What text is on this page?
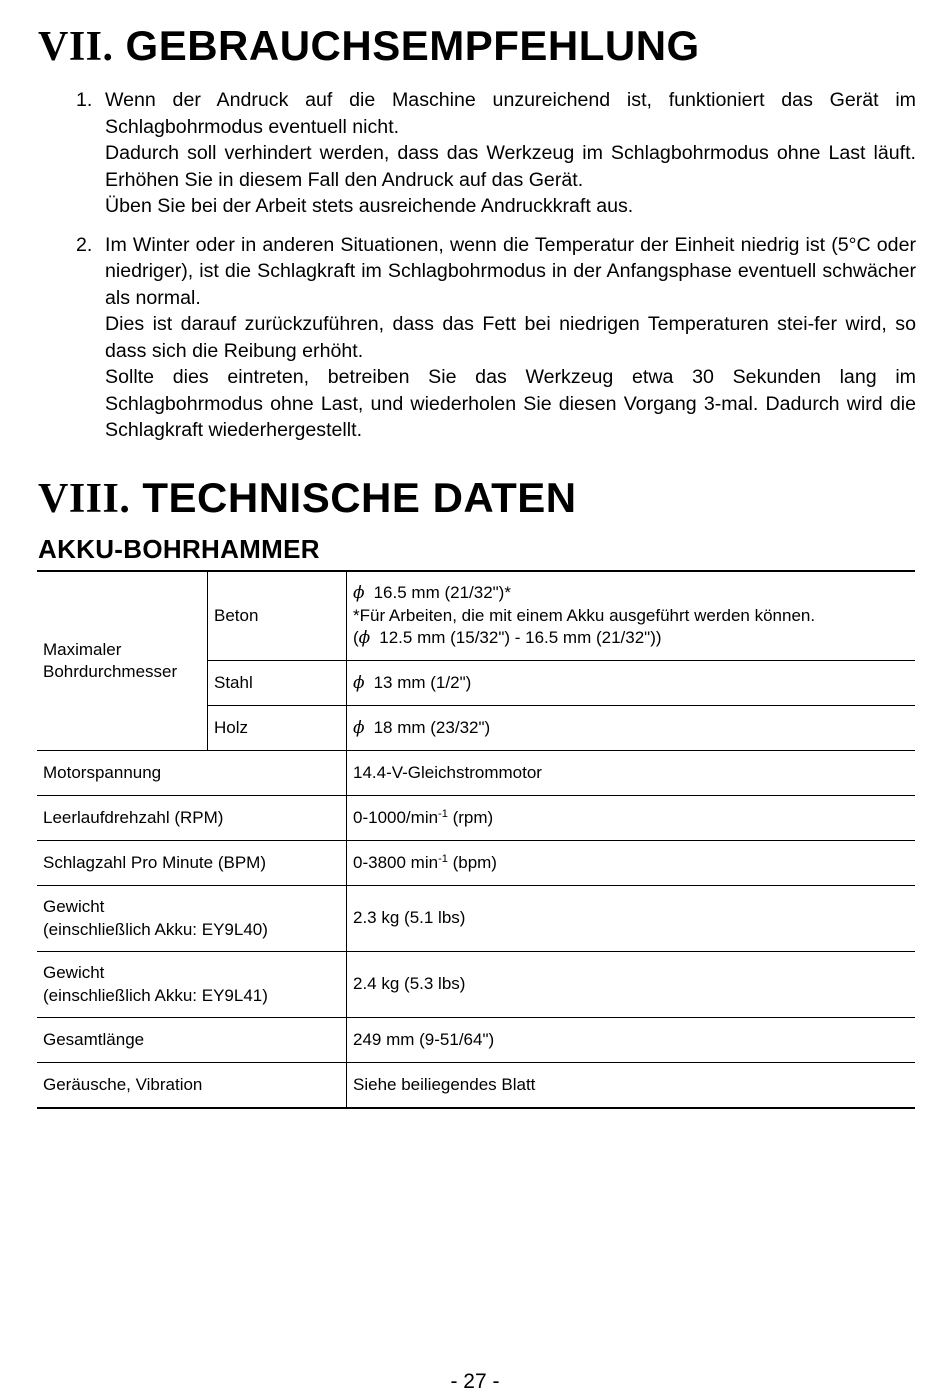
VII. GEBRAUCHSEMPFEHLUNG
1. Wenn der Andruck auf die Maschine unzureichend ist, funktioniert das Gerät im Schlagbohrmodus eventuell nicht.
Dadurch soll verhindert werden, dass das Werkzeug im Schlagbohrmodus ohne Last läuft. Erhöhen Sie in diesem Fall den Andruck auf das Gerät.
Üben Sie bei der Arbeit stets ausreichende Andruckkraft aus.
2. Im Winter oder in anderen Situationen, wenn die Temperatur der Einheit niedrig ist (5°C oder niedriger), ist die Schlagkraft im Schlagbohrmodus in der Anfangsphase eventuell schwächer als normal.
Dies ist darauf zurückzuführen, dass das Fett bei niedrigen Temperaturen stei-fer wird, so dass sich die Reibung erhöht.
Sollte dies eintreten, betreiben Sie das Werkzeug etwa 30 Sekunden lang im Schlagbohrmodus ohne Last, und wiederholen Sie diesen Vorgang 3-mal. Dadurch wird die Schlagkraft wiederhergestellt.
VIII. TECHNISCHE DATEN
AKKU-BOHRHAMMER
Maximaler Bohrdurchmesser	Beton	ϕ 16.5 mm (21/32")*
*Für Arbeiten, die mit einem Akku ausgeführt werden können.
(ϕ 12.5 mm (15/32") - 16.5 mm (21/32"))

	Stahl	ϕ 13 mm (1/2")
	Holz	ϕ 18 mm (23/32")
Motorspannung		14.4-V-Gleichstrommotor
Leerlaufdrehzahl (RPM)		$0-1000/\min^{-1}$ (rpm)
Schlagzahl Pro Minute (BPM)		0-3800 $\min^{-1} (bpm)$

Gewicht
(einschließlich Akku: EY9L40)		2.3 kg (5.1 lbs)

Gewicht
(einschließlich Akku: EY9L41)		2.4 kg (5.3 lbs)
Gesamtlänge		249 mm (9-51/64")
Geräusche, Vibration		Siehe beiliegendes Blatt
- 27 -
